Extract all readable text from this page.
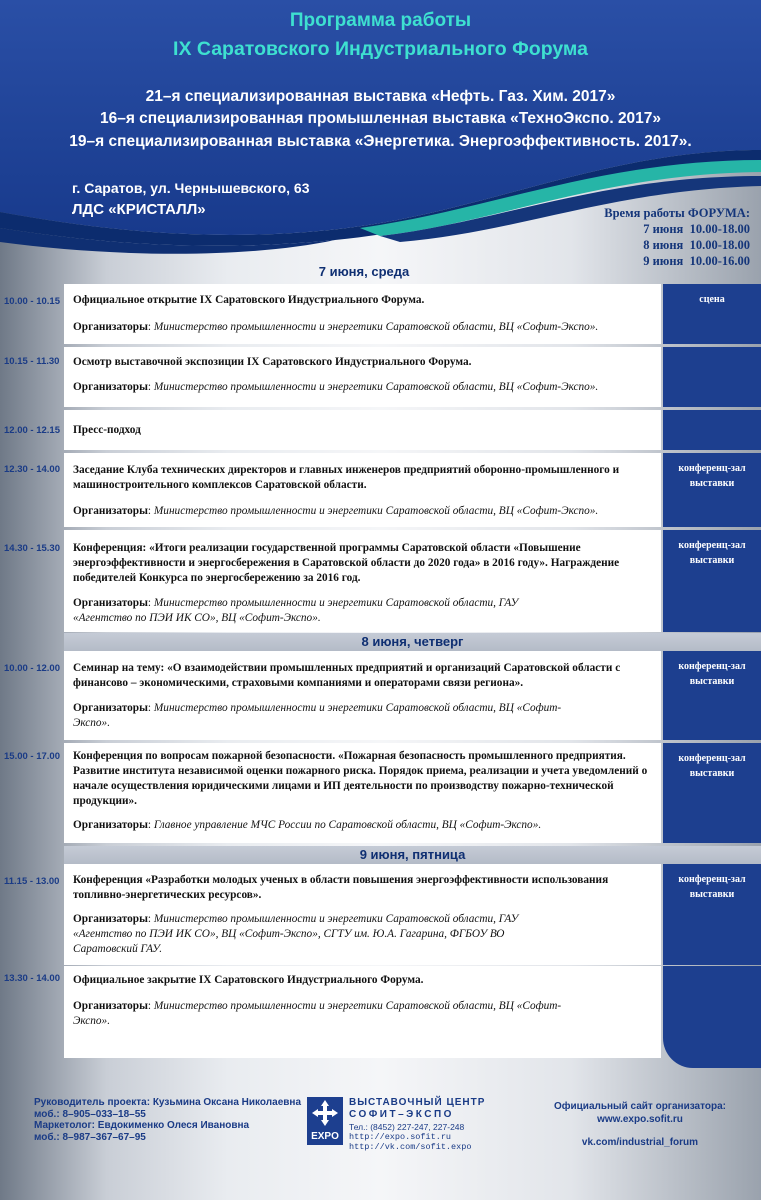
Программа работы
IX Саратовского Индустриального Форума
21–я специализированная выставка «Нефть. Газ. Хим. 2017»
16–я специализированная промышленная выставка «ТехноЭкспо. 2017»
19–я специализированная выставка «Энергетика. Энергоэффективность. 2017».
г. Саратов, ул. Чернышевского, 63
ЛДС «КРИСТАЛЛ»	Время работы ФОРУМА:
7 июня 10.00-18.00
8 июня 10.00-18.00
9 июня 10.00-16.00
7 июня, среда
10.00 - 10.15	Официальное открытие IX Саратовского Индустриального Форума.
Организаторы: Министерство промышленности и энергетики Саратовской области, ВЦ «Софит-Экспо».
сцена
10.15 - 11.30	Осмотр выставочной экспозиции IX Саратовского Индустриального Форума.
Организаторы: Министерство промышленности и энергетики Саратовской области, ВЦ «Софит-Экспо».
12.00 - 12.15	Пресс-подход
12.30 - 14.00	Заседание Клуба технических директоров и главных инженеров предприятий оборонно-промышленного и машиностроительного комплексов Саратовской области.
Организаторы: Министерство промышленности и энергетики Саратовской области, ВЦ «Софит-Экспо».
конференц-зал выставки
14.30 - 15.30	Конференция: «Итоги реализации государственной программы Саратовской области «Повышение энергоэффективности и энергосбережения в Саратовской области до 2020 года» в 2016 году». Награждение победителей Конкурса по энергосбережению за 2016 год.
Организаторы: Министерство промышленности и энергетики Саратовской области, ГАУ «Агентство по ПЭИ ИК СО», ВЦ «Софит-Экспо».
конференц-зал выставки
8 июня, четверг
10.00 - 12.00	Семинар на тему: «О взаимодействии промышленных предприятий и организаций Саратовской области с финансово – экономическими, страховыми компаниями и операторами связи региона».
Организаторы: Министерство промышленности и энергетики Саратовской области, ВЦ «Софит-Экспо».
конференц-зал выставки
15.00 - 17.00	Конференция по вопросам пожарной безопасности. «Пожарная безопасность промышленного предприятия. Развитие института независимой оценки пожарного риска. Порядок приема, реализации и учета уведомлений о начале осуществления юридическими лицами и ИП деятельности по производству пожарно-технической продукции».
Организаторы: Главное управление МЧС России по Саратовской области, ВЦ «Софит-Экспо».
конференц-зал выставки
9 июня, пятница
11.15 - 13.00	Конференция «Разработки молодых ученых в области повышения энергоэффективности использования топливно-энергетических ресурсов».
Организаторы: Министерство промышленности и энергетики Саратовской области, ГАУ «Агентство по ПЭИ ИК СО», ВЦ «Софит-Экспо», СГТУ им. Ю.А. Гагарина, ФГБОУ ВО Саратовский ГАУ.
конференц-зал выставки
13.30 - 14.00	Официальное закрытие IX Саратовского Индустриального Форума.
Организаторы: Министерство промышленности и энергетики Саратовской области, ВЦ «Софит-Экспо».
Руководитель проекта: Кузьмина Оксана Николаевна
моб.: 8–905–033–18–55
Маркетолог: Евдокименко Олеся Ивановна
моб.: 8–987–367–67–95	EXPO
ВЫСТАВОЧНЫЙ ЦЕНТР
СОФИТ–ЭКСПО
Тел.: (8452) 227-247, 227-248
http://expo.sofit.ru
http://vk.com/sofit.expo
Официальный сайт организатора:
www.expo.sofit.ru
vk.com/industrial_forum
